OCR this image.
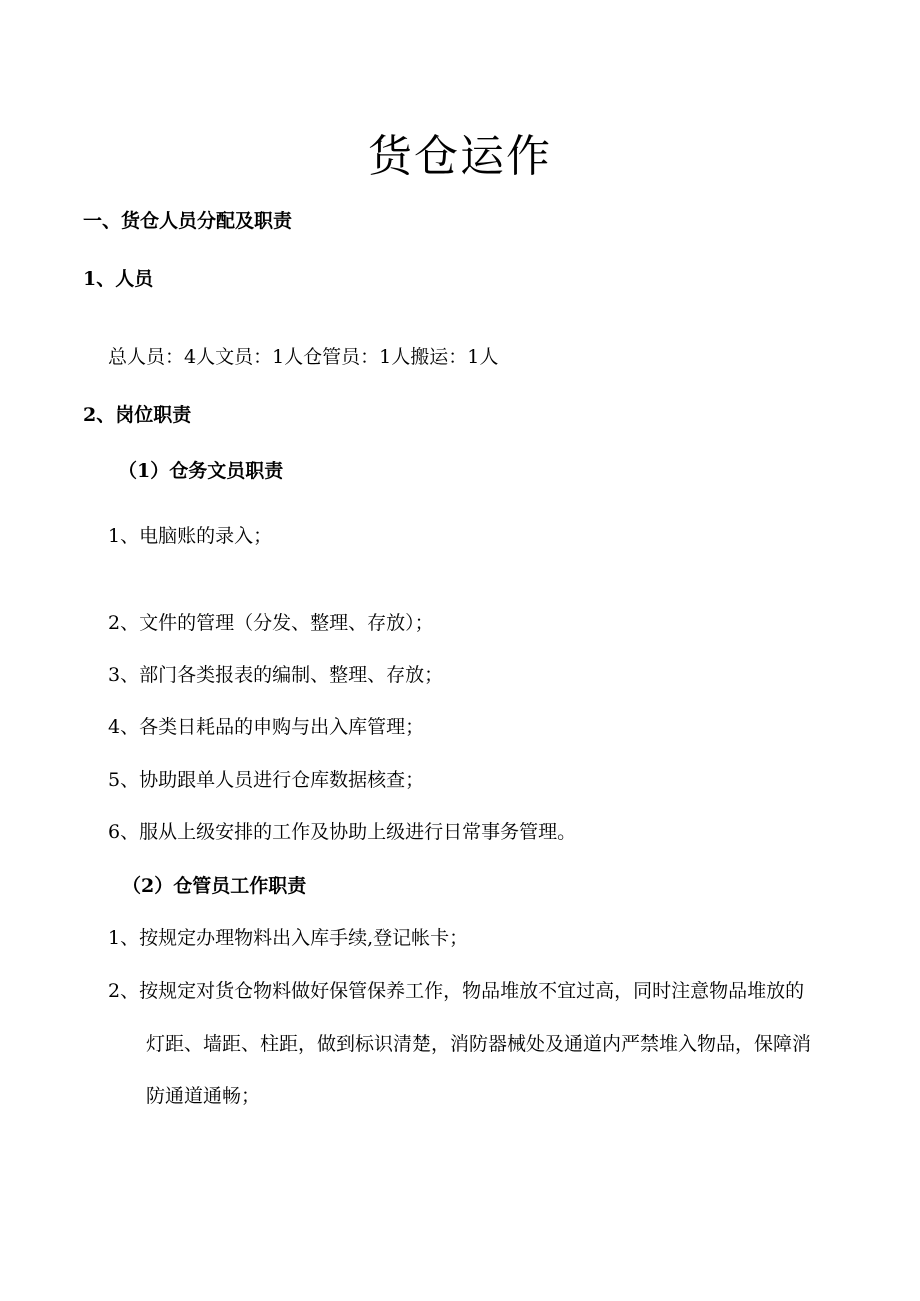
货仓运作
一、货仓人员分配及职责
1、人员
总人员：4人文员：1人仓管员：1人搬运：1人
2、岗位职责
（1）仓务文员职责
1、电脑账的录入；
2、文件的管理（分发、整理、存放）；
3、部门各类报表的编制、整理、存放；
4、各类日耗品的申购与出入库管理；
5、协助跟单人员进行仓库数据核查；
6、服从上级安排的工作及协助上级进行日常事务管理。
（2）仓管员工作职责
1、按规定办理物料出入库手续,登记帐卡；
2、按规定对货仓物料做好保管保养工作，物品堆放不宜过高，同时注意物品堆放的
灯距、墙距、柱距，做到标识清楚，消防器械处及通道内严禁堆入物品，保障消
防通道通畅；
